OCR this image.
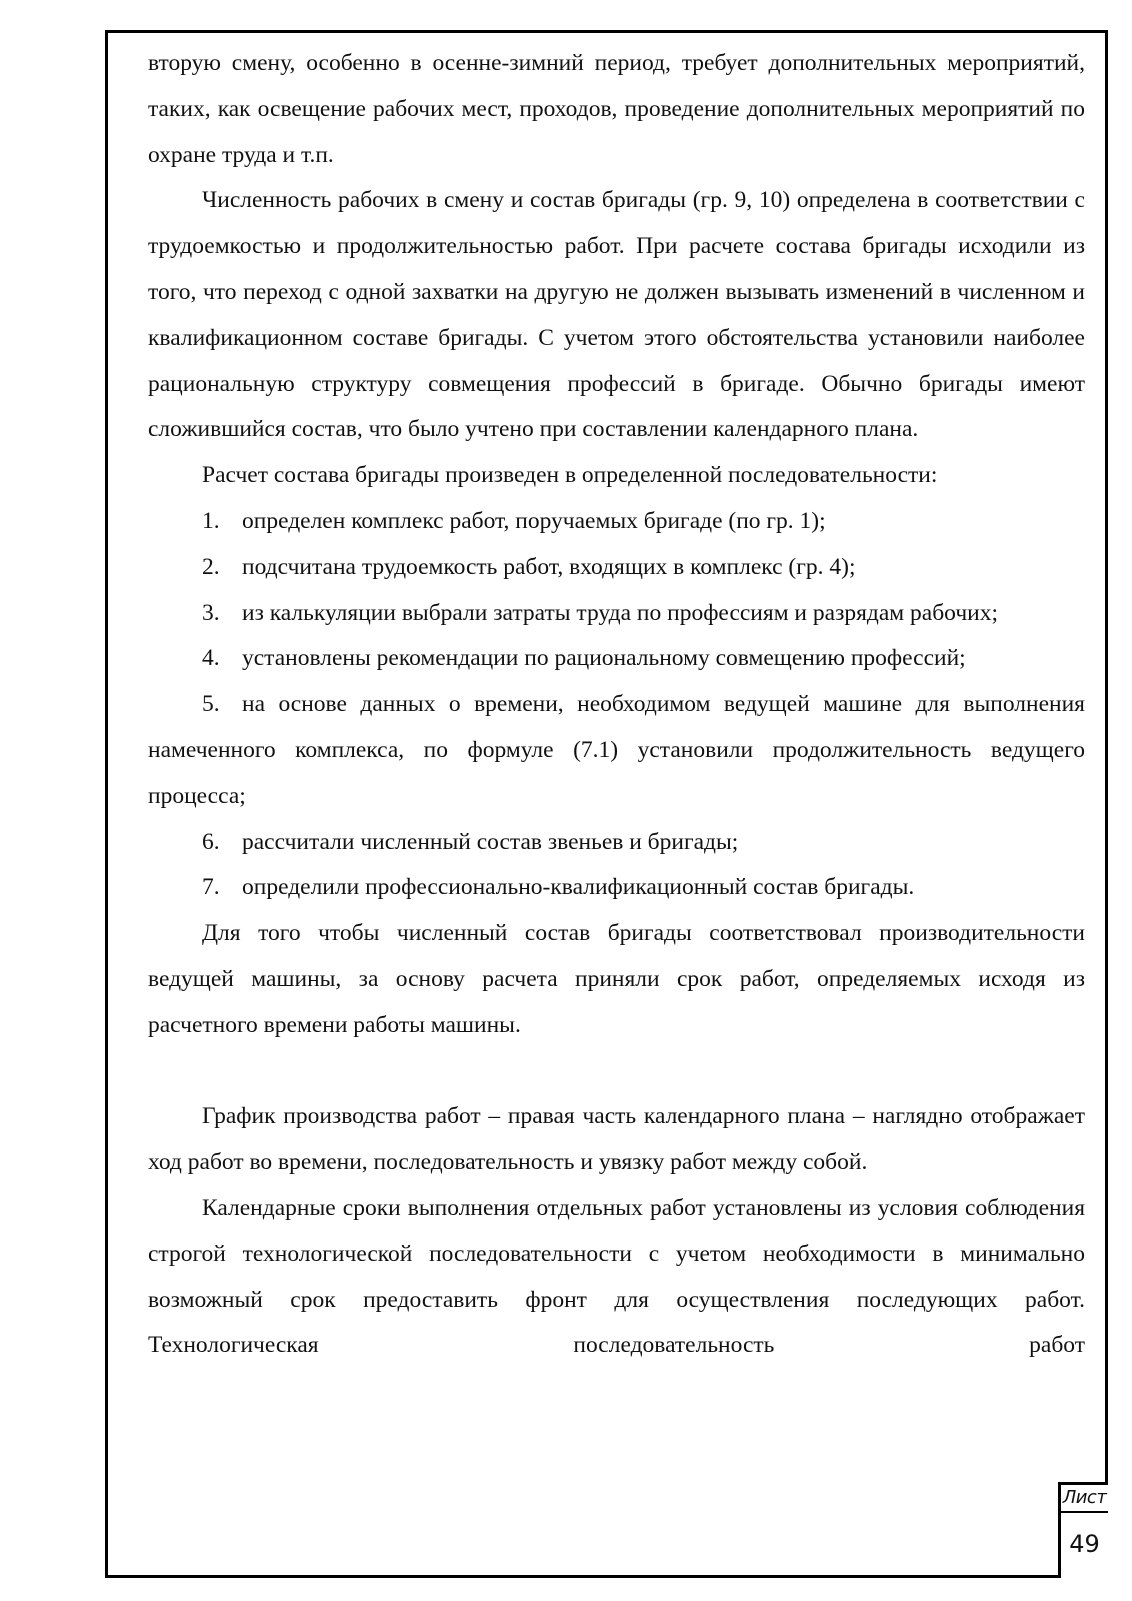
вторую смену, особенно в осенне-зимний период, требует дополнительных мероприятий, таких, как освещение рабочих мест, проходов, проведение дополнительных мероприятий по охране труда и т.п.

Численность рабочих в смену и состав бригады (гр. 9, 10) определена в соответствии с трудоемкостью и продолжительностью работ. При расчете состава бригады исходили из того, что переход с одной захватки на другую не должен вызывать изменений в численном и квалификационном составе бригады. С учетом этого обстоятельства установили наиболее рациональную структуру совмещения профессий в бригаде. Обычно бригады имеют сложившийся состав, что было учтено при составлении календарного плана.

Расчет состава бригады произведен в определенной последовательности:

1. определен комплекс работ, поручаемых бригаде (по гр. 1);

2. подсчитана трудоемкость работ, входящих в комплекс (гр. 4);

3. из калькуляции выбрали затраты труда по профессиям и разрядам рабочих;

4. установлены рекомендации по рациональному совмещению профессий;

5. на основе данных о времени, необходимом ведущей машине для выполнения намеченного комплекса, по формуле (7.1) установили продолжительность ведущего процесса;

6. рассчитали численный состав звеньев и бригады;

7. определили профессионально-квалификационный состав бригады.

Для того чтобы численный состав бригады соответствовал производительности ведущей машины, за основу расчета приняли срок работ, определяемых исходя из расчетного времени работы машины.

График производства работ – правая часть календарного плана – наглядно отображает ход работ во времени, последовательность и увязку работ между собой.

Календарные сроки выполнения отдельных работ установлены из условия соблюдения строгой технологической последовательности с учетом необходимости в минимально возможный срок предоставить фронт для осуществления последующих работ. Технологическая последовательность работ

Лист
49
